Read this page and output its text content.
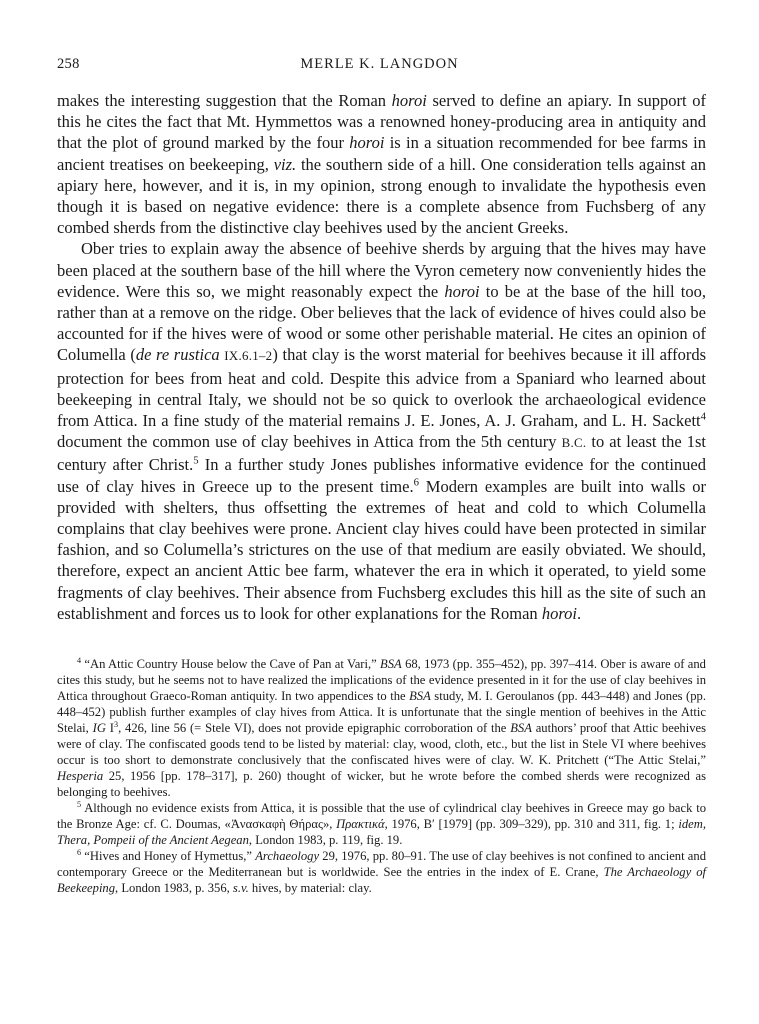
258	MERLE K. LANGDON

makes the interesting suggestion that the Roman horoi served to define an apiary. In support of this he cites the fact that Mt. Hymmettos was a renowned honey-producing area in antiquity and that the plot of ground marked by the four horoi is in a situation recommended for bee farms in ancient treatises on beekeeping, viz. the southern side of a hill. One consideration tells against an apiary here, however, and it is, in my opinion, strong enough to invalidate the hypothesis even though it is based on negative evidence: there is a complete absence from Fuchsberg of any combed sherds from the distinctive clay beehives used by the ancient Greeks.

Ober tries to explain away the absence of beehive sherds by arguing that the hives may have been placed at the southern base of the hill where the Vyron cemetery now conveniently hides the evidence. Were this so, we might reasonably expect the horoi to be at the base of the hill too, rather than at a remove on the ridge. Ober believes that the lack of evidence of hives could also be accounted for if the hives were of wood or some other perishable material. He cites an opinion of Columella (de re rustica IX.6.1–2) that clay is the worst material for beehives because it ill affords protection for bees from heat and cold. Despite this advice from a Spaniard who learned about beekeeping in central Italy, we should not be so quick to overlook the archaeological evidence from Attica. In a fine study of the material remains J. E. Jones, A. J. Graham, and L. H. Sackett$^4$ document the common use of clay beehives in Attica from the 5th century B.C. to at least the 1st century after Christ.$^5$ In a further study Jones publishes informative evidence for the continued use of clay hives in Greece up to the present time.$^6$ Modern examples are built into walls or provided with shelters, thus offsetting the extremes of heat and cold to which Columella complains that clay beehives were prone. Ancient clay hives could have been protected in similar fashion, and so Columella’s strictures on the use of that medium are easily obviated. We should, therefore, expect an ancient Attic bee farm, whatever the era in which it operated, to yield some fragments of clay beehives. Their absence from Fuchsberg excludes this hill as the site of such an establishment and forces us to look for other explanations for the Roman horoi.

$^4$ “An Attic Country House below the Cave of Pan at Vari,” BSA 68, 1973 (pp. 355–452), pp. 397–414. Ober is aware of and cites this study, but he seems not to have realized the implications of the evidence presented in it for the use of clay beehives in Attica throughout Graeco-Roman antiquity. In two appendices to the BSA study, M. I. Geroulanos (pp. 443–448) and Jones (pp. 448–452) publish further examples of clay hives from Attica. It is unfortunate that the single mention of beehives in the Attic Stelai, IG $I^3$, 426, line 56 (= Stele VI), does not provide epigraphic corroboration of the BSA authors’ proof that Attic beehives were of clay. The confiscated goods tend to be listed by material: clay, wood, cloth, etc., but the list in Stele VI where beehives occur is too short to demonstrate conclusively that the confiscated hives were of clay. W. K. Pritchett (“The Attic Stelai,” Hesperia 25, 1956 [pp. 178–317], p. 260) thought of wicker, but he wrote before the combed sherds were recognized as belonging to beehives.

$^5$ Although no evidence exists from Attica, it is possible that the use of cylindrical clay beehives in Greece may go back to the Bronze Age: cf. C. Doumas, «Ἀνασκαφὴ Θήρας», Πρακτικά, 1976, Β′ [1979] (pp. 309–329), pp. 310 and 311, fig. 1; idem, Thera, Pompeii of the Ancient Aegean, London 1983, p. 119, fig. 19.

$^6$ “Hives and Honey of Hymettus,” Archaeology 29, 1976, pp. 80–91. The use of clay beehives is not confined to ancient and contemporary Greece or the Mediterranean but is worldwide. See the entries in the index of E. Crane, The Archaeology of Beekeeping, London 1983, p. 356, s.v. hives, by material: clay.
